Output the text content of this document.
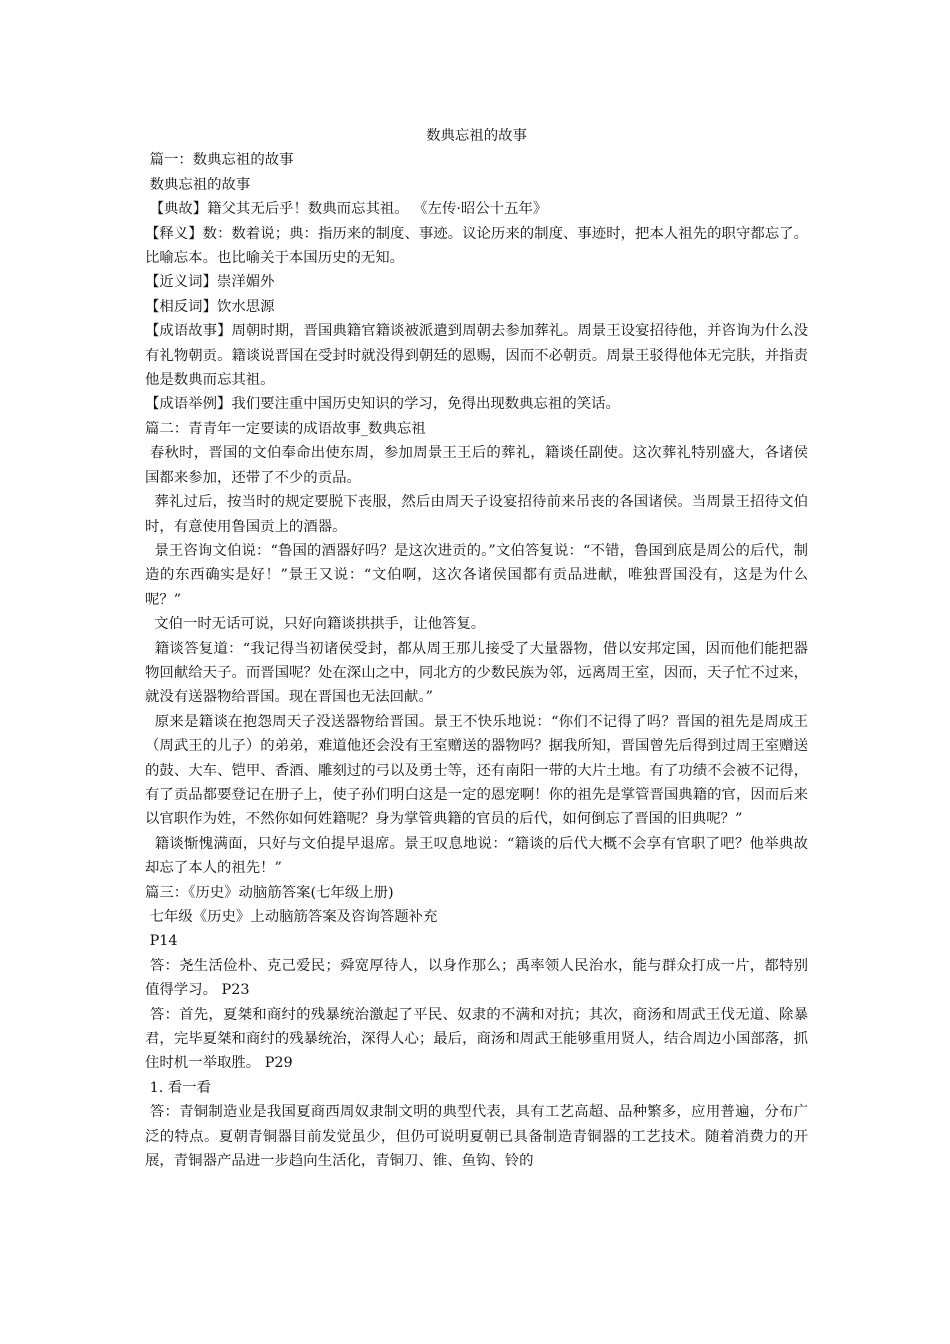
数典忘祖的故事

篇一：数典忘祖的故事

数典忘祖的故事

【典故】籍父其无后乎！数典而忘其祖。 《左传·昭公十五年》

【释义】数：数着说；典：指历来的制度、事迹。议论历来的制度、事迹时，把本人祖先的职守都忘了。比喻忘本。也比喻关于本国历史的无知。

【近义词】崇洋媚外

【相反词】饮水思源

【成语故事】周朝时期，晋国典籍官籍谈被派遣到周朝去参加葬礼。周景王设宴招待他，并咨询为什么没有礼物朝贡。籍谈说晋国在受封时就没得到朝廷的恩赐，因而不必朝贡。周景王驳得他体无完肤，并指责他是数典而忘其祖。

【成语举例】我们要注重中国历史知识的学习，免得出现数典忘祖的笑话。

篇二：青青年一定要读的成语故事_数典忘祖

春秋时，晋国的文伯奉命出使东周，参加周景王王后的葬礼，籍谈任副使。这次葬礼特别盛大，各诸侯国都来参加，还带了不少的贡品。

葬礼过后，按当时的规定要脱下丧服，然后由周天子设宴招待前来吊丧的各国诸侯。当周景王招待文伯时，有意使用鲁国贡上的酒器。

景王咨询文伯说：“鲁国的酒器好吗？是这次进贡的。”文伯答复说：“不错，鲁国到底是周公的后代，制造的东西确实是好！”景王又说：“文伯啊，这次各诸侯国都有贡品进献，唯独晋国没有，这是为什么呢？”

文伯一时无话可说，只好向籍谈拱拱手，让他答复。

籍谈答复道：“我记得当初诸侯受封，都从周王那儿接受了大量器物，借以安邦定国，因而他们能把器物回献给天子。而晋国呢？处在深山之中，同北方的少数民族为邻，远离周王室，因而，天子忙不过来，就没有送器物给晋国。现在晋国也无法回献。”

原来是籍谈在抱怨周天子没送器物给晋国。景王不快乐地说：“你们不记得了吗？晋国的祖先是周成王（周武王的儿子）的弟弟，难道他还会没有王室赠送的器物吗？据我所知，晋国曾先后得到过周王室赠送的鼓、大车、铠甲、香酒、雕刻过的弓以及勇士等，还有南阳一带的大片土地。有了功绩不会被不记得，有了贡品都要登记在册子上，使子孙们明白这是一定的恩宠啊！你的祖先是掌管晋国典籍的官，因而后来以官职作为姓，不然你如何姓籍呢？身为掌管典籍的官员的后代，如何倒忘了晋国的旧典呢？”

籍谈惭愧满面，只好与文伯提早退席。景王叹息地说：“籍谈的后代大概不会享有官职了吧？他举典故却忘了本人的祖先！”

篇三：《历史》动脑筋答案(七年级上册)

七年级《历史》上动脑筋答案及咨询答题补充

P14

答：尧生活俭朴、克己爱民；舜宽厚待人，以身作那么；禹率领人民治水，能与群众打成一片，都特别值得学习。 P23

答：首先，夏桀和商纣的残暴统治激起了平民、奴隶的不满和对抗；其次，商汤和周武王伐无道、除暴君，完毕夏桀和商纣的残暴统治，深得人心；最后，商汤和周武王能够重用贤人，结合周边小国部落，抓住时机一举取胜。 P29

1. 看一看

答：青铜制造业是我国夏商西周奴隶制文明的典型代表，具有工艺高超、品种繁多，应用普遍，分布广泛的特点。夏朝青铜器目前发觉虽少，但仍可说明夏朝已具备制造青铜器的工艺技术。随着消费力的开展，青铜器产品进一步趋向生活化，青铜刀、锥、鱼钩、铃的
